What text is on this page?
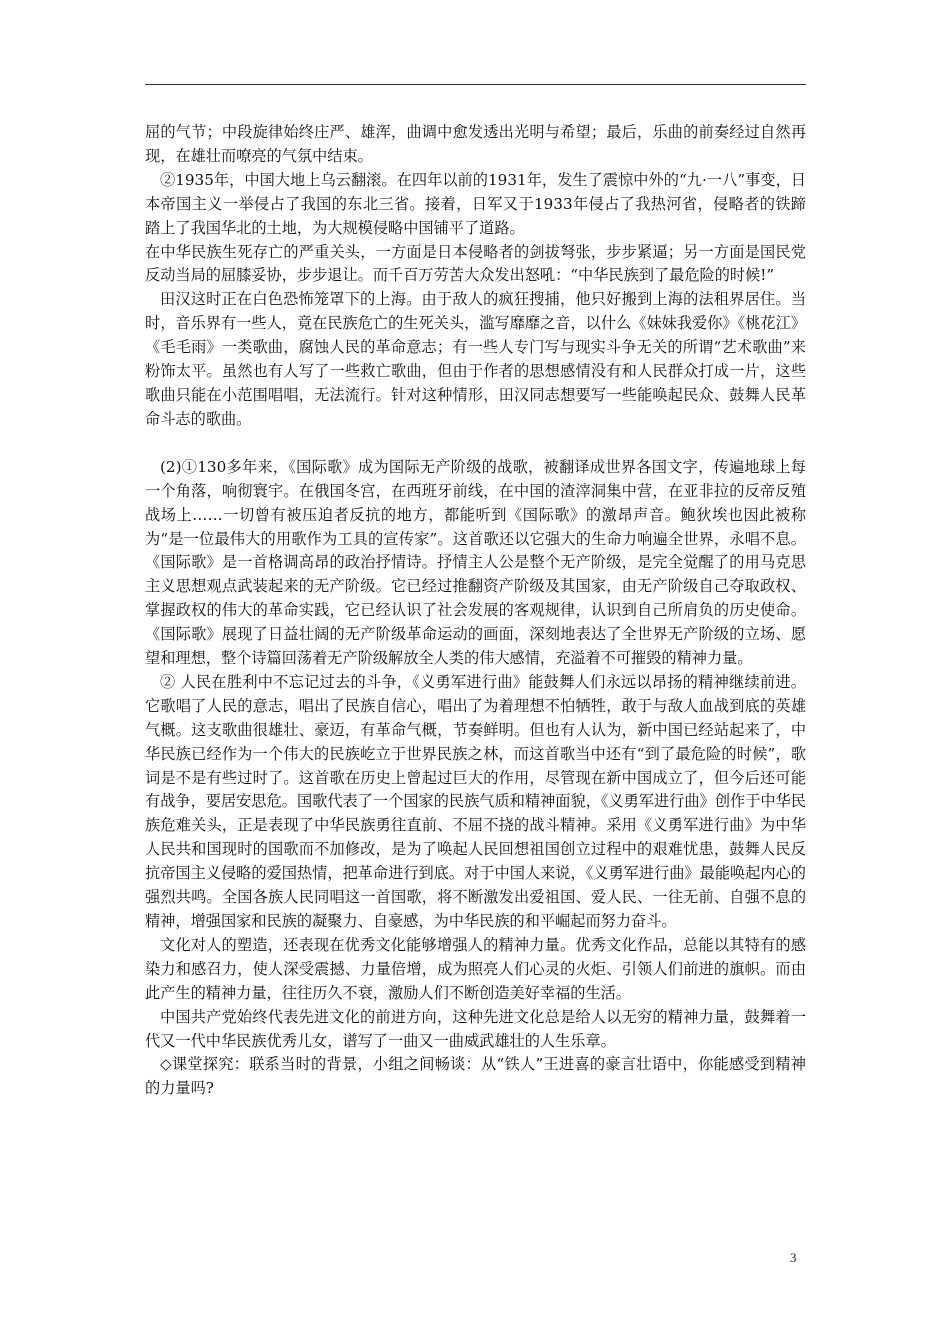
屈的气节；中段旋律始终庄严、雄浑，曲调中愈发透出光明与希望；最后，乐曲的前奏经过自然再现，在雄壮而嘹亮的气氛中结束。

②1935年，中国大地上乌云翻滚。在四年以前的1931年，发生了震惊中外的“九·一八”事变，日本帝国主义一举侵占了我国的东北三省。接着，日军又于1933年侵占了我热河省，侵略者的铁蹄踏上了我国华北的土地，为大规模侵略中国铺平了道路。

在中华民族生死存亡的严重关头，一方面是日本侵略者的剑拔弩张，步步紧逼；另一方面是国民党反动当局的屈膝妥协，步步退让。而千百万劳苦大众发出怒吼：“中华民族到了最危险的时候!”

田汉这时正在白色恐怖笼罩下的上海。由于敌人的疯狂搜捕，他只好搬到上海的法租界居住。当时，音乐界有一些人，竟在民族危亡的生死关头，滥写靡靡之音，以什么《妹妹我爱你》《桃花江》《毛毛雨》一类歌曲，腐蚀人民的革命意志；有一些人专门写与现实斗争无关的所谓“艺术歌曲”来粉饰太平。虽然也有人写了一些救亡歌曲，但由于作者的思想感情没有和人民群众打成一片，这些歌曲只能在小范围唱唱，无法流行。针对这种情形，田汉同志想要写一些能唤起民众、鼓舞人民革命斗志的歌曲。

(2)①130多年来，《国际歌》成为国际无产阶级的战歌，被翻译成世界各国文字，传遍地球上每一个角落，响彻寰宇。在俄国冬宫，在西班牙前线，在中国的渣滓洞集中营，在亚非拉的反帝反殖战场上……一切曾有被压迫者反抗的地方，都能听到《国际歌》的激昂声音。鲍狄埃也因此被称为“是一位最伟大的用歌作为工具的宣传家”。这首歌还以它强大的生命力响遍全世界，永唱不息。《国际歌》是一首格调高昂的政治抒情诗。抒情主人公是整个无产阶级，是完全觉醒了的用马克思主义思想观点武装起来的无产阶级。它已经过推翻资产阶级及其国家，由无产阶级自己夺取政权、掌握政权的伟大的革命实践，它已经认识了社会发展的客观规律，认识到自己所肩负的历史使命。《国际歌》展现了日益壮阔的无产阶级革命运动的画面，深刻地表达了全世界无产阶级的立场、愿望和理想，整个诗篇回荡着无产阶级解放全人类的伟大感情，充溢着不可摧毁的精神力量。

② 人民在胜利中不忘记过去的斗争，《义勇军进行曲》能鼓舞人们永远以昂扬的精神继续前进。它歌唱了人民的意志，唱出了民族自信心，唱出了为着理想不怕牺牲，敢于与敌人血战到底的英雄气概。这支歌曲很雄壮、豪迈，有革命气概，节奏鲜明。但也有人认为，新中国已经站起来了，中华民族已经作为一个伟大的民族屹立于世界民族之林，而这首歌当中还有“到了最危险的时候”，歌词是不是有些过时了。这首歌在历史上曾起过巨大的作用，尽管现在新中国成立了，但今后还可能有战争，要居安思危。国歌代表了一个国家的民族气质和精神面貌，《义勇军进行曲》创作于中华民族危难关头，正是表现了中华民族勇往直前、不屈不挠的战斗精神。采用《义勇军进行曲》为中华人民共和国现时的国歌而不加修改，是为了唤起人民回想祖国创立过程中的艰难忧患，鼓舞人民反抗帝国主义侵略的爱国热情，把革命进行到底。对于中国人来说，《义勇军进行曲》最能唤起内心的强烈共鸣。全国各族人民同唱这一首国歌，将不断激发出爱祖国、爱人民、一往无前、自强不息的精神，增强国家和民族的凝聚力、自豪感，为中华民族的和平崛起而努力奋斗。

文化对人的塑造，还表现在优秀文化能够增强人的精神力量。优秀文化作品，总能以其特有的感染力和感召力，使人深受震撼、力量倍增，成为照亮人们心灵的火炬、引领人们前进的旗帜。而由此产生的精神力量，往往历久不衰，激励人们不断创造美好幸福的生活。

中国共产党始终代表先进文化的前进方向，这种先进文化总是给人以无穷的精神力量，鼓舞着一代又一代中华民族优秀儿女，谱写了一曲又一曲威武雄壮的人生乐章。

◇课堂探究：联系当时的背景，小组之间畅谈：从“铁人”王进喜的豪言壮语中，你能感受到精神的力量吗?

3
